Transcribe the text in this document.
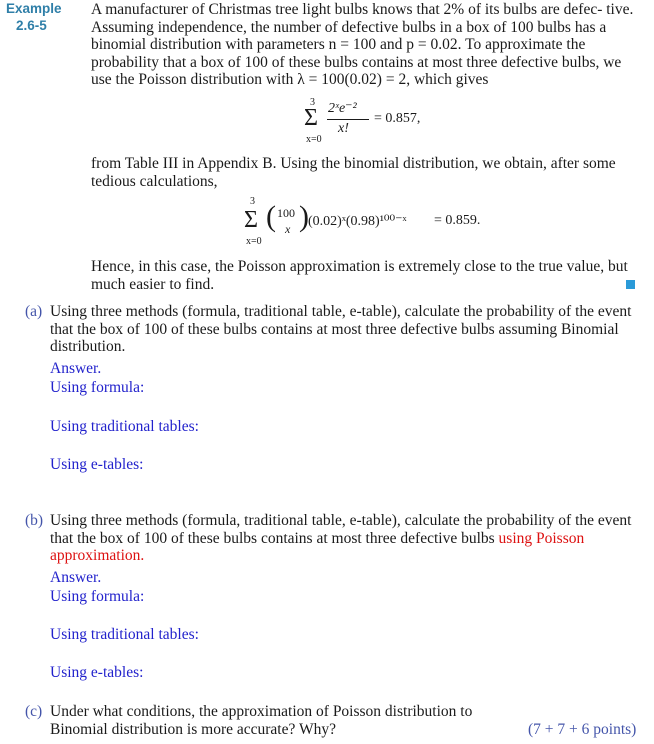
Example
2.6-5
A manufacturer of Christmas tree light bulbs knows that 2% of its bulbs are defec- tive. Assuming independence, the number of defective bulbs in a box of 100 bulbs has a binomial distribution with parameters n = 100 and p = 0.02. To approximate the probability that a box of 100 of these bulbs contains at most three defective bulbs, we use the Poisson distribution with λ = 100(0.02) = 2, which gives
3
Σ
x=0
2ˣe⁻²
x!
= 0.857,
from Table III in Appendix B. Using the binomial distribution, we obtain, after some tedious calculations,
3
Σ
x=0
( 100
x ) (0.02)ˣ(0.98)¹⁰⁰⁻ˣ = 0.859.
Hence, in this case, the Poisson approximation is extremely close to the true value, but much easier to find.
(a) Using three methods (formula, traditional table, e-table), calculate the probability of the event that the box of 100 of these bulbs contains at most three defective bulbs assuming Binomial distribution.
Answer.
Using formula:
Using traditional tables:
Using e-tables:
(b) Using three methods (formula, traditional table, e-table), calculate the probability of the event that the box of 100 of these bulbs contains at most three defective bulbs using Poisson approximation.
Answer.
Using formula:
Using traditional tables:
Using e-tables:
(c) Under what conditions, the approximation of Poisson distribution to Binomial distribution is more accurate? Why?	(7 + 7 + 6 points)
